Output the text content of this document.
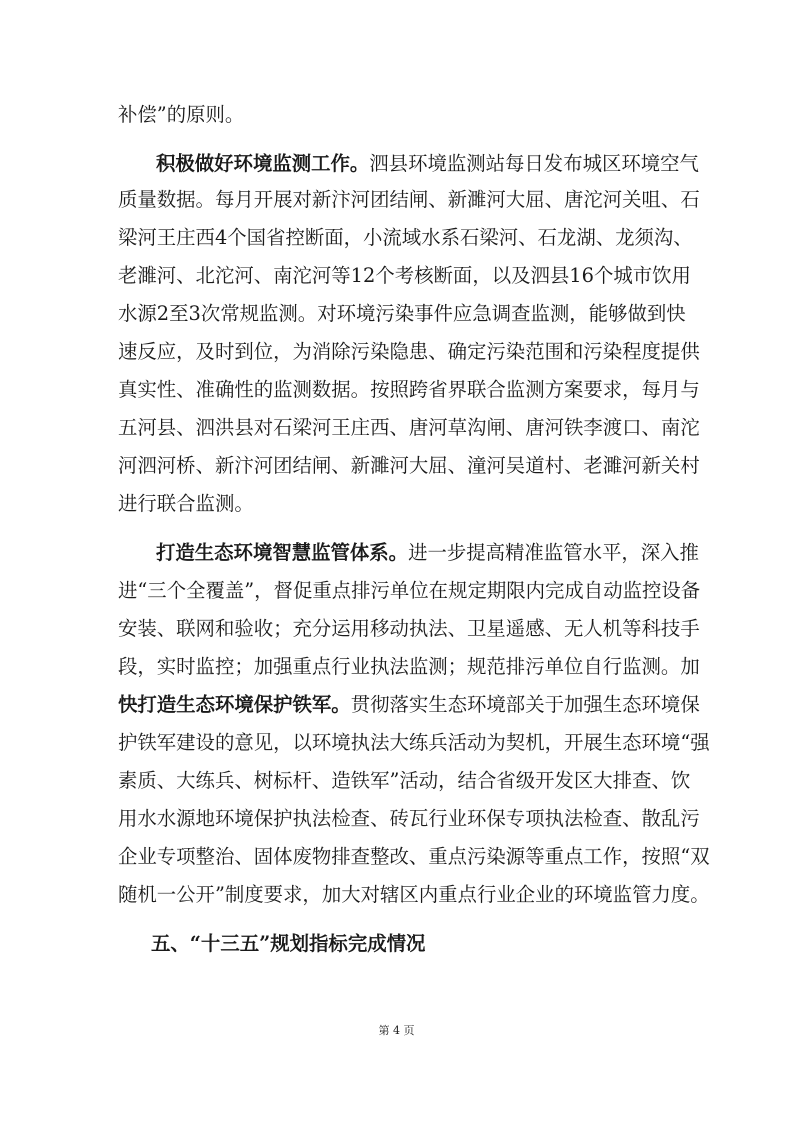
补偿”的原则。
积极做好环境监测工作。泗县环境监测站每日发布城区环境空气
质量数据。每月开展对新汴河团结闸、新濉河大屈、唐沱河关咀、石
梁河王庄西4个国省控断面，小流域水系石梁河、石龙湖、龙须沟、
老濉河、北沱河、南沱河等12个考核断面，以及泗县16个城市饮用
水源2至3次常规监测。对环境污染事件应急调查监测，能够做到快
速反应，及时到位，为消除污染隐患、确定污染范围和污染程度提供
真实性、准确性的监测数据。按照跨省界联合监测方案要求，每月与
五河县、泗洪县对石梁河王庄西、唐河草沟闸、唐河铁李渡口、南沱
河泗河桥、新汴河团结闸、新濉河大屈、潼河吴道村、老濉河新关村
进行联合监测。
打造生态环境智慧监管体系。进一步提高精准监管水平，深入推
进“三个全覆盖”，督促重点排污单位在规定期限内完成自动监控设备
安装、联网和验收；充分运用移动执法、卫星遥感、无人机等科技手
段，实时监控；加强重点行业执法监测；规范排污单位自行监测。加
快打造生态环境保护铁军。贯彻落实生态环境部关于加强生态环境保
护铁军建设的意见，以环境执法大练兵活动为契机，开展生态环境“强
素质、大练兵、树标杆、造铁军”活动，结合省级开发区大排查、饮
用水水源地环境保护执法检查、砖瓦行业环保专项执法检查、散乱污
企业专项整治、固体废物排查整改、重点污染源等重点工作，按照“双
随机一公开”制度要求，加大对辖区内重点行业企业的环境监管力度。
五、“十三五”规划指标完成情况
第 4 页
